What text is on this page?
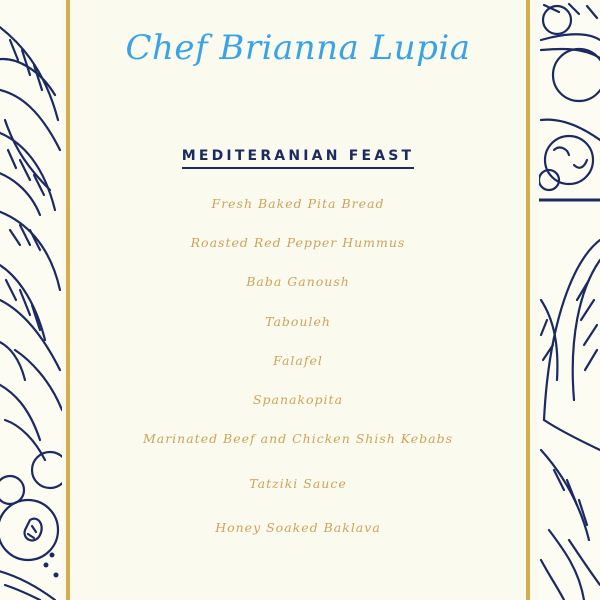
Chef Brianna Lupia
MEDITERANIAN FEAST
Fresh Baked Pita Bread
Roasted Red Pepper Hummus
Baba Ganoush
Tabouleh
Falafel
Spanakopita
Marinated Beef and Chicken Shish Kebabs
Tatziki Sauce
Honey Soaked Baklava
